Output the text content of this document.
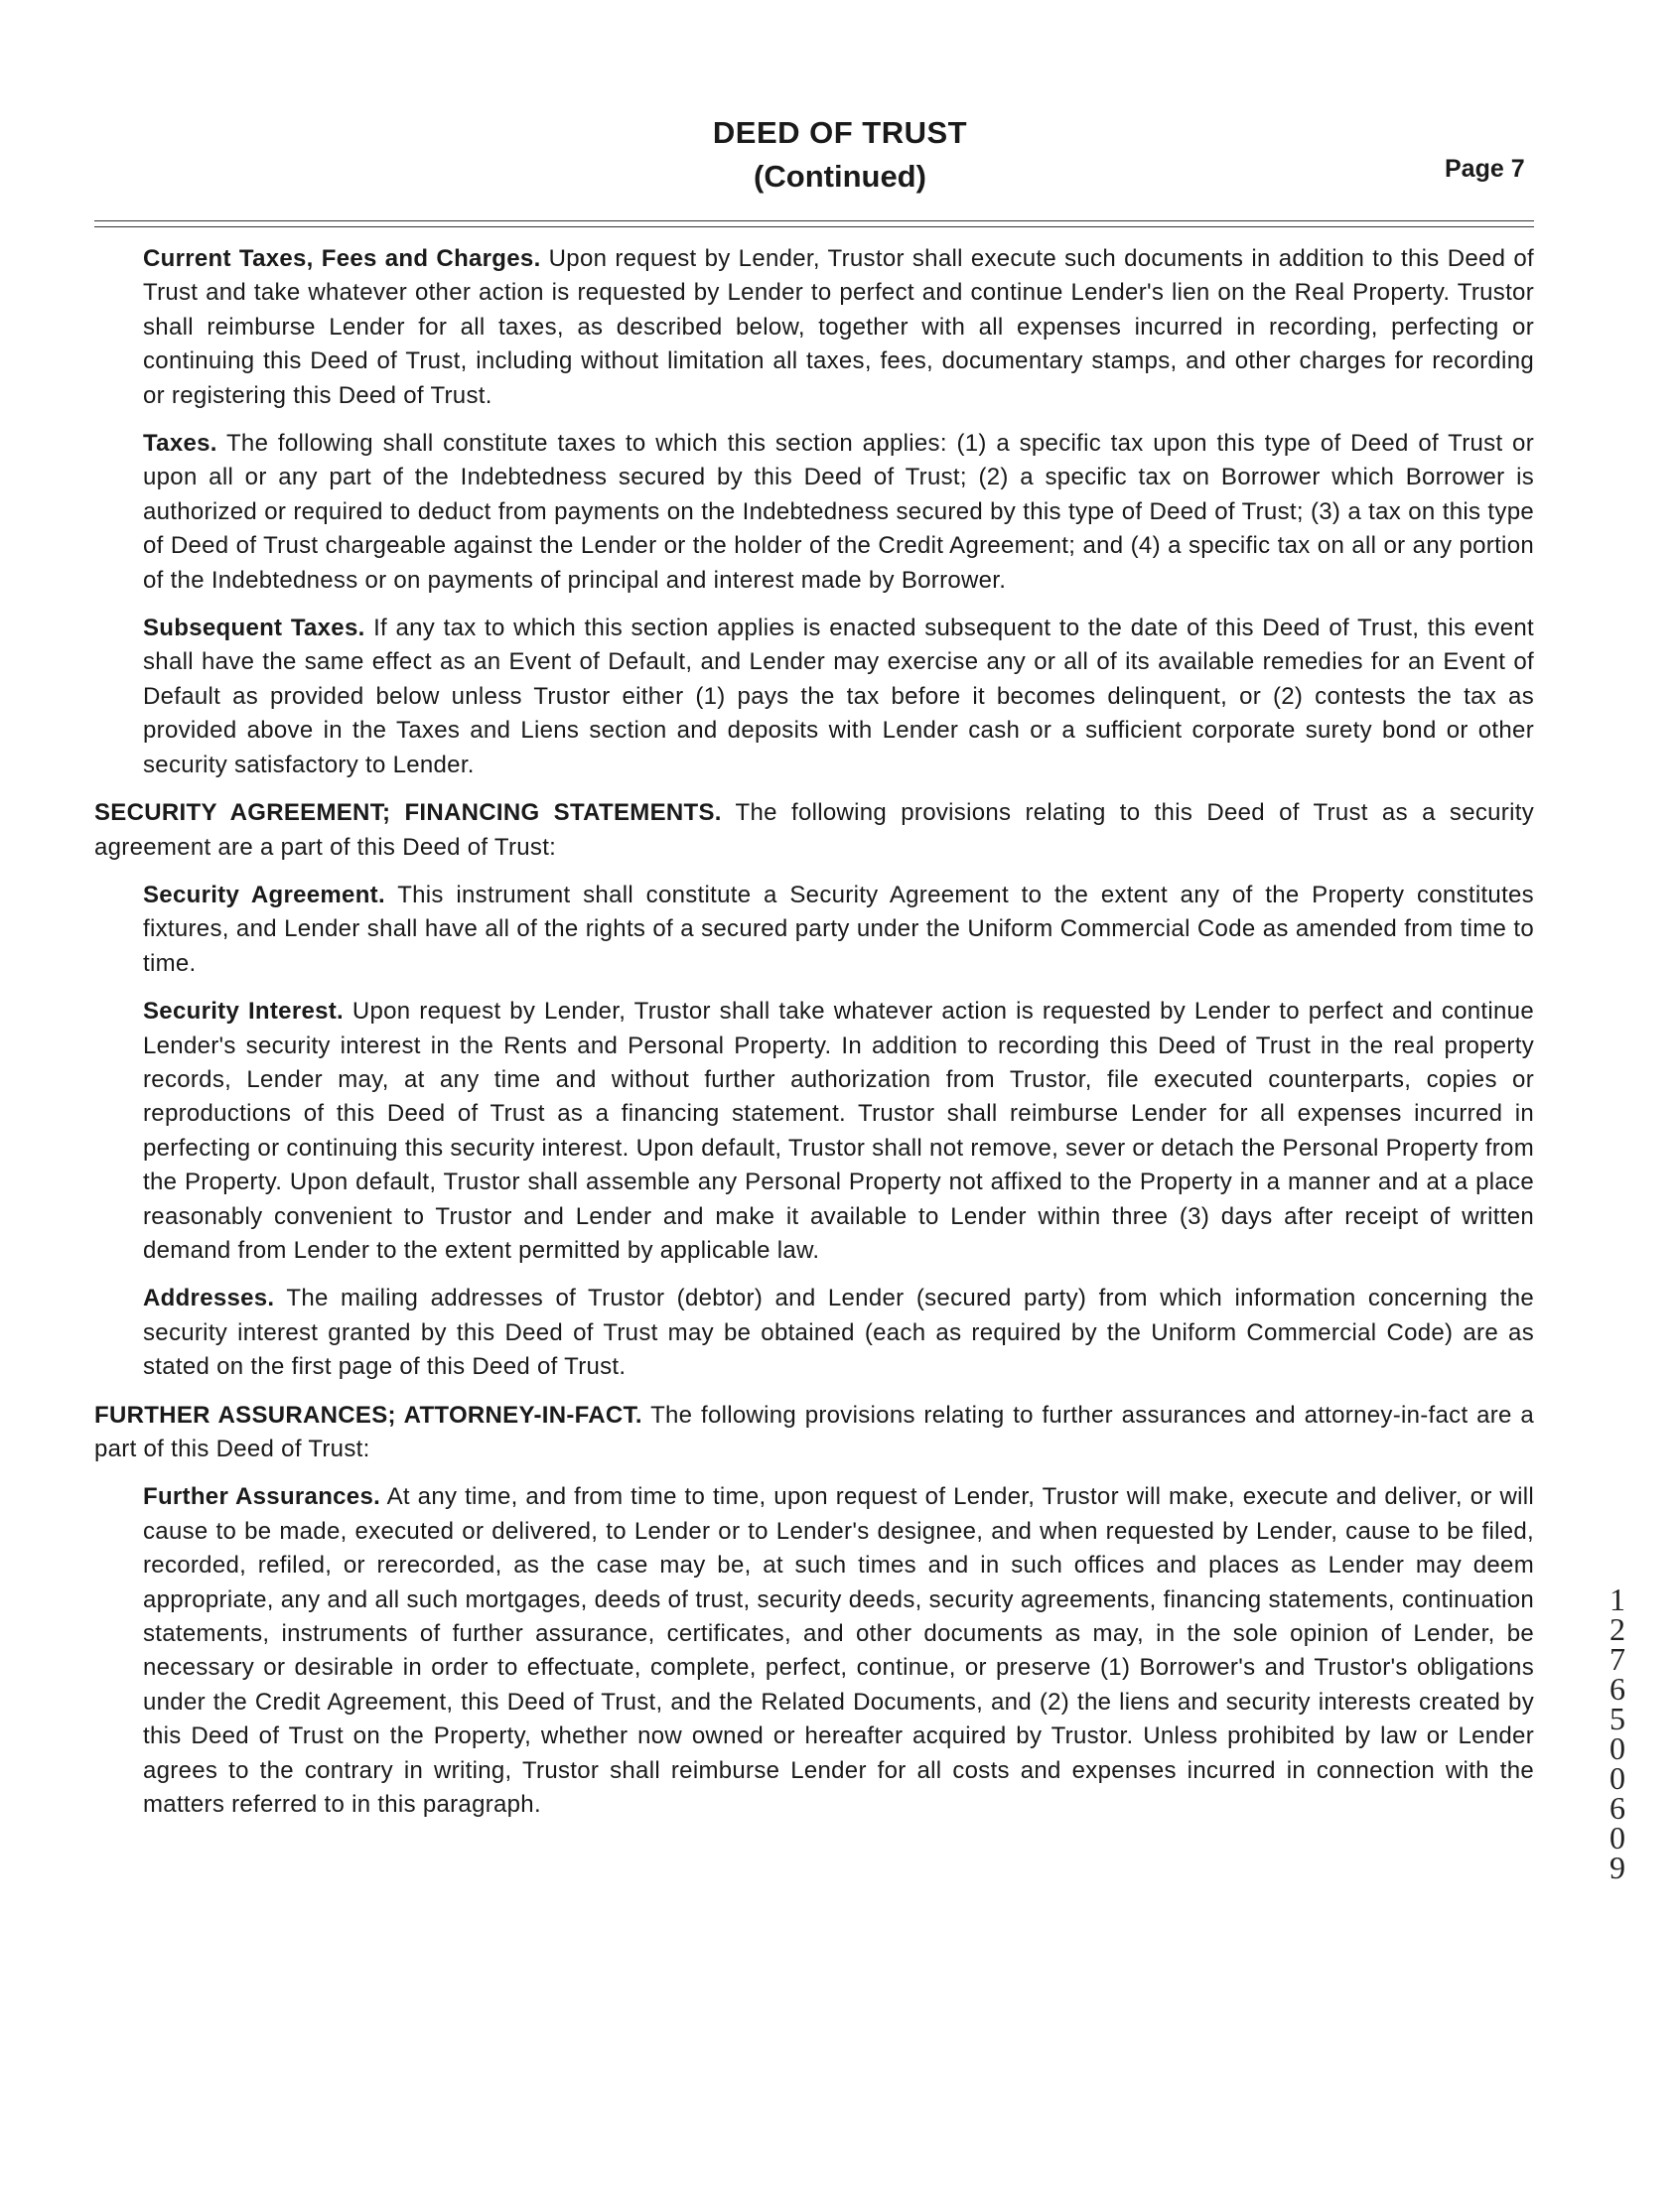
DEED OF TRUST
(Continued)	Page 7

Current Taxes, Fees and Charges. Upon request by Lender, Trustor shall execute such documents in addition to this Deed of Trust and take whatever other action is requested by Lender to perfect and continue Lender's lien on the Real Property. Trustor shall reimburse Lender for all taxes, as described below, together with all expenses incurred in recording, perfecting or continuing this Deed of Trust, including without limitation all taxes, fees, documentary stamps, and other charges for recording or registering this Deed of Trust.

Taxes. The following shall constitute taxes to which this section applies: (1) a specific tax upon this type of Deed of Trust or upon all or any part of the Indebtedness secured by this Deed of Trust; (2) a specific tax on Borrower which Borrower is authorized or required to deduct from payments on the Indebtedness secured by this type of Deed of Trust; (3) a tax on this type of Deed of Trust chargeable against the Lender or the holder of the Credit Agreement; and (4) a specific tax on all or any portion of the Indebtedness or on payments of principal and interest made by Borrower.

Subsequent Taxes. If any tax to which this section applies is enacted subsequent to the date of this Deed of Trust, this event shall have the same effect as an Event of Default, and Lender may exercise any or all of its available remedies for an Event of Default as provided below unless Trustor either (1) pays the tax before it becomes delinquent, or (2) contests the tax as provided above in the Taxes and Liens section and deposits with Lender cash or a sufficient corporate surety bond or other security satisfactory to Lender.

SECURITY AGREEMENT; FINANCING STATEMENTS. The following provisions relating to this Deed of Trust as a security agreement are a part of this Deed of Trust:

Security Agreement. This instrument shall constitute a Security Agreement to the extent any of the Property constitutes fixtures, and Lender shall have all of the rights of a secured party under the Uniform Commercial Code as amended from time to time.

Security Interest. Upon request by Lender, Trustor shall take whatever action is requested by Lender to perfect and continue Lender's security interest in the Rents and Personal Property. In addition to recording this Deed of Trust in the real property records, Lender may, at any time and without further authorization from Trustor, file executed counterparts, copies or reproductions of this Deed of Trust as a financing statement. Trustor shall reimburse Lender for all expenses incurred in perfecting or continuing this security interest. Upon default, Trustor shall not remove, sever or detach the Personal Property from the Property. Upon default, Trustor shall assemble any Personal Property not affixed to the Property in a manner and at a place reasonably convenient to Trustor and Lender and make it available to Lender within three (3) days after receipt of written demand from Lender to the extent permitted by applicable law.

Addresses. The mailing addresses of Trustor (debtor) and Lender (secured party) from which information concerning the security interest granted by this Deed of Trust may be obtained (each as required by the Uniform Commercial Code) are as stated on the first page of this Deed of Trust.

FURTHER ASSURANCES; ATTORNEY-IN-FACT. The following provisions relating to further assurances and attorney-in-fact are a part of this Deed of Trust:

Further Assurances. At any time, and from time to time, upon request of Lender, Trustor will make, execute and deliver, or will cause to be made, executed or delivered, to Lender or to Lender's designee, and when requested by Lender, cause to be filed, recorded, refiled, or rerecorded, as the case may be, at such times and in such offices and places as Lender may deem appropriate, any and all such mortgages, deeds of trust, security deeds, security agreements, financing statements, continuation statements, instruments of further assurance, certificates, and other documents as may, in the sole opinion of Lender, be necessary or desirable in order to effectuate, complete, perfect, continue, or preserve (1) Borrower's and Trustor's obligations under the Credit Agreement, this Deed of Trust, and the Related Documents, and (2) the liens and security interests created by this Deed of Trust on the Property, whether now owned or hereafter acquired by Trustor. Unless prohibited by law or Lender agrees to the contrary in writing, Trustor shall reimburse Lender for all costs and expenses incurred in connection with the matters referred to in this paragraph.

127650 0609
